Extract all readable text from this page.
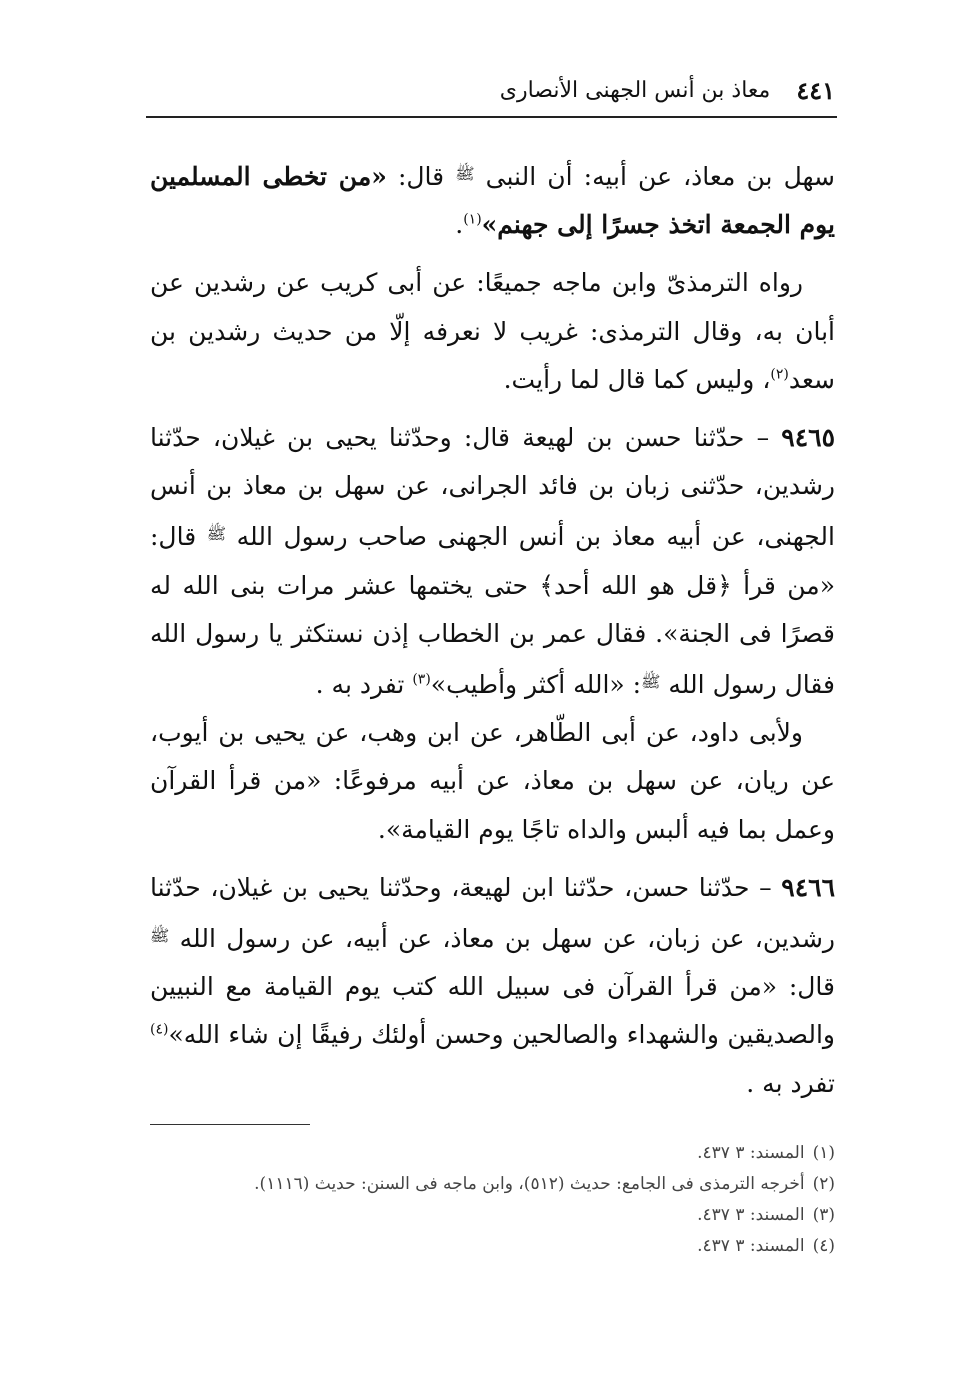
٤٤١
معاذ بن أنس الجهنى الأنصارى

سهل بن معاذ، عن أبيه: أن النبى $^ﷺ$ قال: «من تخطى المسلمين يوم الجمعة اتخذ جسرًا إلى جهنم»$^{(١)}$.

رواه الترمذىّ وابن ماجه جميعًا: عن أبى كريب عن رشدين عن أبان به، وقال الترمذى: غريب لا نعرفه إلّا من حديث رشدين بن سعد$^{(٢)}$، وليس كما قال لما رأيت.

٩٤٦٥ – حدّثنا حسن بن لهيعة قال: وحدّثنا يحيى بن غيلان، حدّثنا رشدين، حدّثنى زبان بن فائد الجرانى، عن سهل بن معاذ بن أنس الجهنى، عن أبيه معاذ بن أنس الجهنى صاحب رسول الله $^ﷺ$ قال: «من قرأ ﴿قل هو الله أحد﴾ حتى يختمها عشر مرات بنى الله له قصرًا فى الجنة». فقال عمر بن الخطاب إذن نستكثر يا رسول الله فقال رسول الله $^ﷺ$: «الله أكثر وأطيب»$^{(٣)}$ تفرد به .

ولأبى داود، عن أبى الطّاهر، عن ابن وهب، عن يحيى بن أيوب، عن ريان، عن سهل بن معاذ، عن أبيه مرفوعًا: «من قرأ القرآن وعمل بما فيه ألبس والداه تاجًا يوم القيامة».

٩٤٦٦ – حدّثنا حسن، حدّثنا ابن لهيعة، وحدّثنا يحيى بن غيلان، حدّثنا رشدين، عن زبان، عن سهل بن معاذ، عن أبيه، عن رسول الله $^ﷺ$ قال: «من قرأ القرآن فى سبيل الله كتب يوم القيامة مع النبيين والصديقين والشهداء والصالحين وحسن أولئك رفيقًا إن شاء الله»$^{(٤)}$ تفرد به .

(١)المسند: ٣ ٤٣٧.

(٢)أخرجه الترمذى فى الجامع: حديث (٥١٢)، وابن ماجه فى السنن: حديث (١١١٦).

(٣)المسند: ٣ ٤٣٧.

(٤)المسند: ٣ ٤٣٧.
